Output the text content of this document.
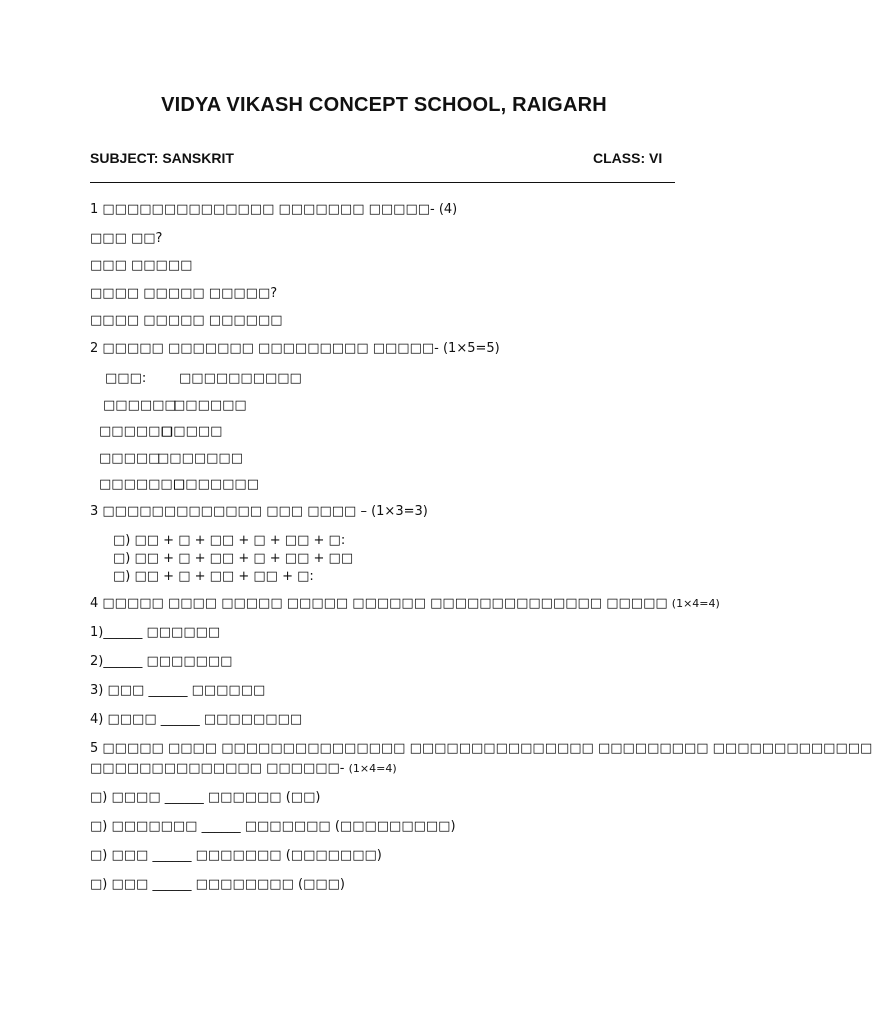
VIDYA VIKASH CONCEPT SCHOOL, RAIGARH
SUBJECT: SANSKRIT	CLASS: VI
1 □□□□□□□□□□□□□□ □□□□□□□ □□□□□- (4)
□□□ □□?
□□□ □□□□□
□□□□ □□□□□ □□□□□?
□□□□ □□□□□ □□□□□□
2 □□□□□ □□□□□□□ □□□□□□□□□ □□□□□- (1×5=5)
□□□:	□□□□□□□□□□
□□□□□□
□□□□□□
□□□□□□
□□□□□
□□□□□
□□□□□□□
□□□□□□□
□□□□□□□
3 □□□□□□□□□□□□□ □□□ □□□□ – (1×3=3)
□) □□ + □ + □□ + □ + □□ + □:
□) □□ + □ + □□ + □ + □□ + □□
□) □□ + □ + □□ + □□ + □:
4 □□□□□ □□□□ □□□□□ □□□□□ □□□□□□ □□□□□□□□□□□□□□ □□□□□ (1×4=4)
1)______ □□□□□□
2)______ □□□□□□□
3) □□□ ______ □□□□□□
4) □□□□ ______ □□□□□□□□
5 □□□□□ □□□□ □□□□□□□□□□□□□□□ □□□□□□□□□□□□□□□ □□□□□□□□□ □□□□□□□□□□□□□
□□□□□□□□□□□□□□ □□□□□□- (1×4=4)
□) □□□□ ______ □□□□□□ (□□)
□) □□□□□□□ ______ □□□□□□□ (□□□□□□□□□)
□) □□□ ______ □□□□□□□ (□□□□□□□)
□) □□□ ______ □□□□□□□□ (□□□)
